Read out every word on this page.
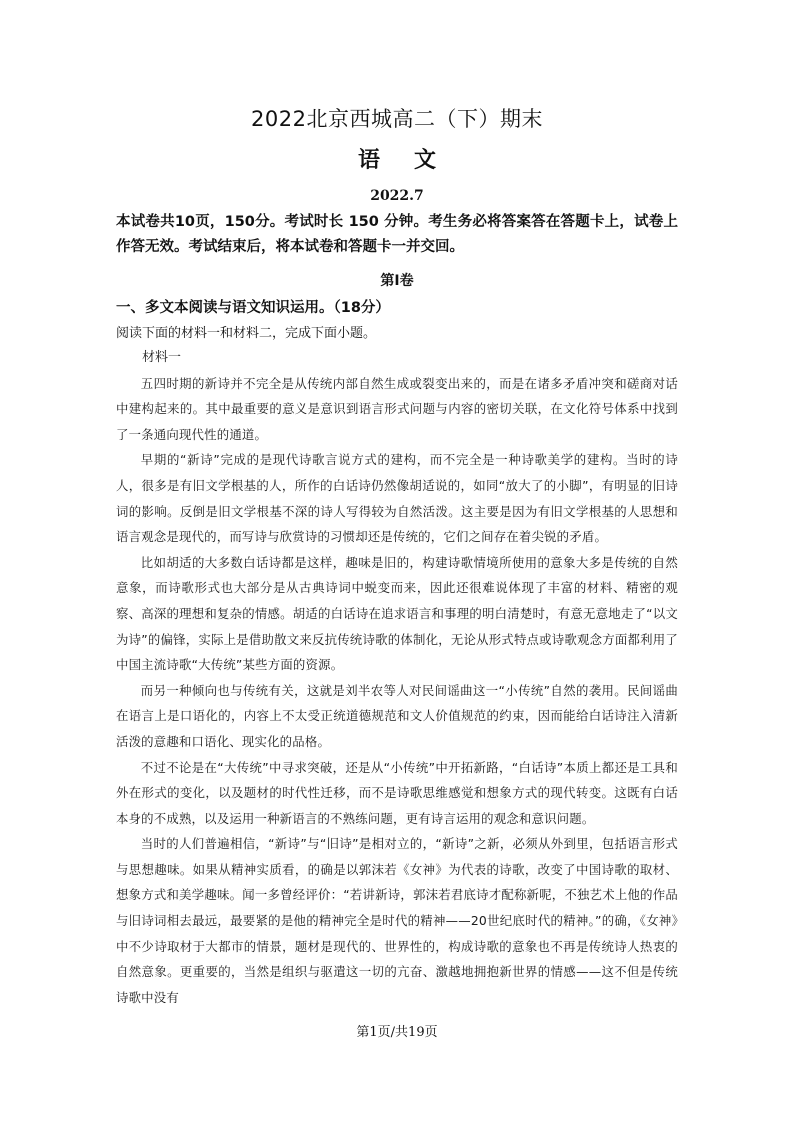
2022北京西城高二（下）期末
语文
2022.7
本试卷共10页，150分。考试时长 150 分钟。考生务必将答案答在答题卡上，试卷上作答无效。考试结束后，将本试卷和答题卡一并交回。
第Ⅰ卷
一、多文本阅读与语文知识运用。（18分）
阅读下面的材料一和材料二，完成下面小题。

材料一

五四时期的新诗并不完全是从传统内部自然生成或裂变出来的，而是在诸多矛盾冲突和磋商对话中建构起来的。其中最重要的意义是意识到语言形式问题与内容的密切关联，在文化符号体系中找到了一条通向现代性的通道。

早期的“新诗”完成的是现代诗歌言说方式的建构，而不完全是一种诗歌美学的建构。当时的诗人，很多是有旧文学根基的人，所作的白话诗仍然像胡适说的，如同“放大了的小脚”，有明显的旧诗词的影响。反倒是旧文学根基不深的诗人写得较为自然活泼。这主要是因为有旧文学根基的人思想和语言观念是现代的，而写诗与欣赏诗的习惯却还是传统的，它们之间存在着尖锐的矛盾。

比如胡适的大多数白话诗都是这样，趣味是旧的，构建诗歌情境所使用的意象大多是传统的自然意象，而诗歌形式也大部分是从古典诗词中蜕变而来，因此还很难说体现了丰富的材料、精密的观察、高深的理想和复杂的情感。胡适的白话诗在追求语言和事理的明白清楚时，有意无意地走了“以文为诗”的偏锋，实际上是借助散文来反抗传统诗歌的体制化，无论从形式特点或诗歌观念方面都利用了中国主流诗歌“大传统”某些方面的资源。

而另一种倾向也与传统有关，这就是刘半农等人对民间谣曲这一“小传统”自然的袭用。民间谣曲在语言上是口语化的，内容上不太受正统道德规范和文人价值规范的约束，因而能给白话诗注入清新活泼的意趣和口语化、现实化的品格。

不过不论是在“大传统”中寻求突破，还是从“小传统”中开拓新路，“白话诗”本质上都还是工具和外在形式的变化，以及题材的时代性迁移，而不是诗歌思维感觉和想象方式的现代转变。这既有白话本身的不成熟，以及运用一种新语言的不熟练问题，更有诗言运用的观念和意识问题。

当时的人们普遍相信，“新诗”与“旧诗”是相对立的，“新诗”之新，必须从外到里，包括语言形式与思想趣味。如果从精神实质看，的确是以郭沫若《女神》为代表的诗歌，改变了中国诗歌的取材、想象方式和美学趣味。闻一多曾经评价：“若讲新诗，郭沫若君底诗才配称新呢，不独艺术上他的作品与旧诗词相去最远，最要紧的是他的精神完全是时代的精神——20世纪底时代的精神。”的确，《女神》中不少诗取材于大都市的情景，题材是现代的、世界性的，构成诗歌的意象也不再是传统诗人热衷的自然意象。更重要的，当然是组织与驱遣这一切的亢奋、激越地拥抱新世界的情感——这不但是传统诗歌中没有

第1页/共19页
